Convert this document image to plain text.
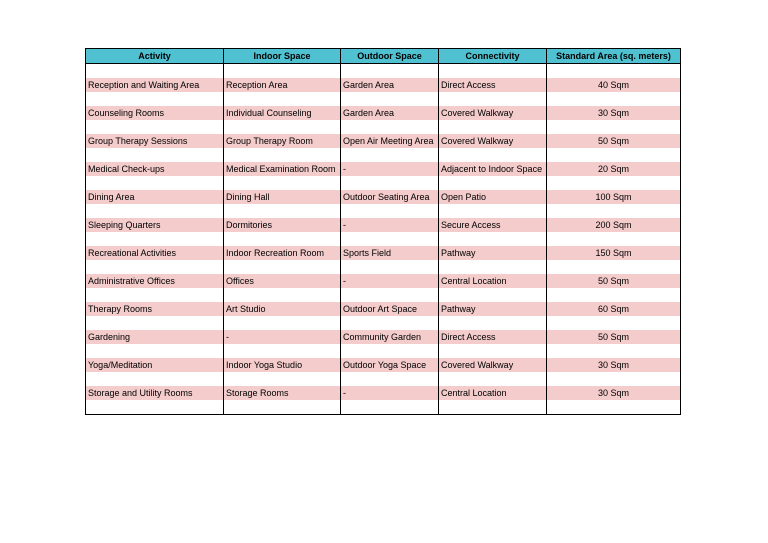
Activity	Indoor Space	Outdoor Space	Connectivity	Standard Area (sq. meters)

Reception and Waiting Area	Reception Area	Garden Area	Direct Access	40 Sqm

Counseling Rooms	Individual Counseling	Garden Area	Covered Walkway	30 Sqm

Group Therapy Sessions	Group Therapy Room	Open Air Meeting Area	Covered Walkway	50 Sqm

Medical Check-ups	Medical Examination Room	-	Adjacent to Indoor Space	20 Sqm

Dining Area	Dining Hall	Outdoor Seating Area	Open Patio	100 Sqm

Sleeping Quarters	Dormitories	-	Secure Access	200 Sqm

Recreational Activities	Indoor Recreation Room	Sports Field	Pathway	150 Sqm

Administrative Offices	Offices	-	Central Location	50 Sqm

Therapy Rooms	Art Studio	Outdoor Art Space	Pathway	60 Sqm

Gardening	-	Community Garden	Direct Access	50 Sqm

Yoga/Meditation	Indoor Yoga Studio	Outdoor Yoga Space	Covered Walkway	30 Sqm

Storage and Utility Rooms	Storage Rooms	-	Central Location	30 Sqm
